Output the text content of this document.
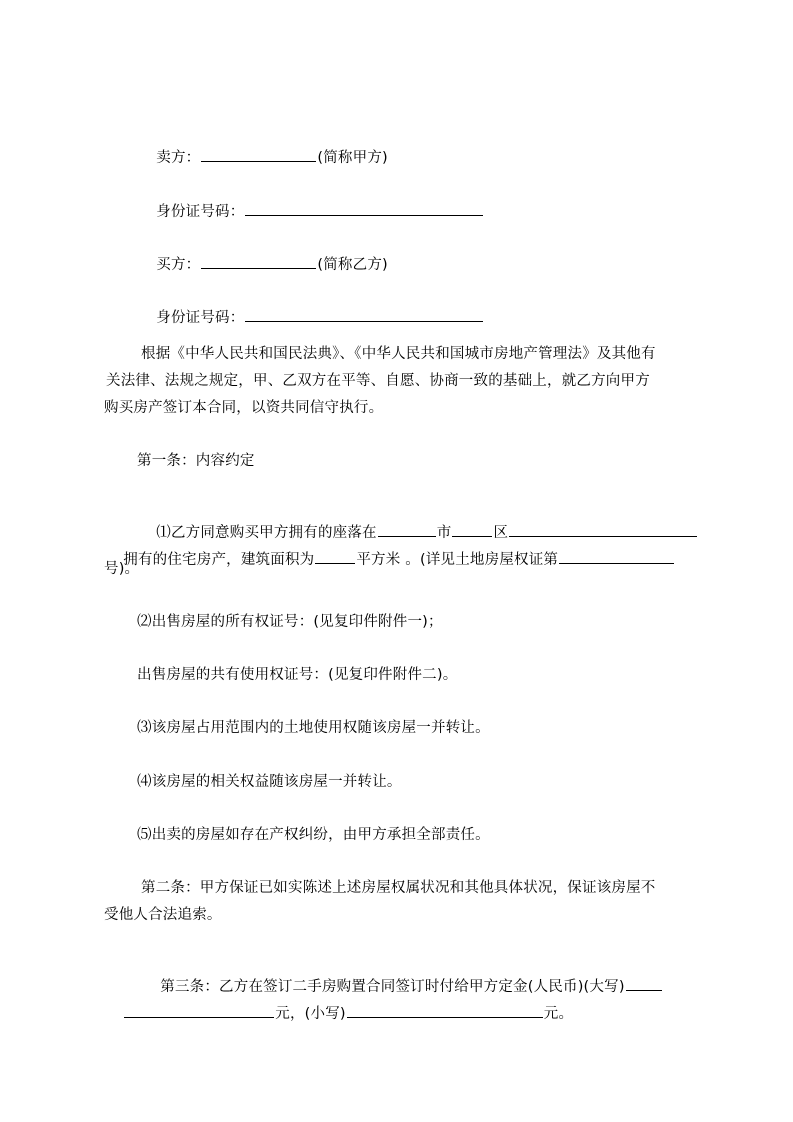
卖方：	(简称甲方)

身份证号码：

买方：	(简称乙方)

身份证号码：

根据《中华人民共和国民法典》、《中华人民共和国城市房地产管理法》及其他有
关法律、法规之规定，甲、乙双方在平等、自愿、协商一致的基础上，就乙方向甲方
购买房产签订本合同，以资共同信守执行。
第一条：内容约定

⑴乙方同意购买甲方拥有的座落在	市	区

拥有的住宅房产，建筑面积为	平方米 。(详见土地房屋权证第

号)。
⑵出售房屋的所有权证号：(见复印件附件一)；
出售房屋的共有使用权证号：(见复印件附件二)。
⑶该房屋占用范围内的土地使用权随该房屋一并转让。
⑷该房屋的相关权益随该房屋一并转让。
⑸出卖的房屋如存在产权纠纷，由甲方承担全部责任。
第二条：甲方保证已如实陈述上述房屋权属状况和其他具体状况，保证该房屋不
受他人合法追索。

第三条：乙方在签订二手房购置合同签订时付给甲方定金(人民币)(大写)

元，(小写)	元。
